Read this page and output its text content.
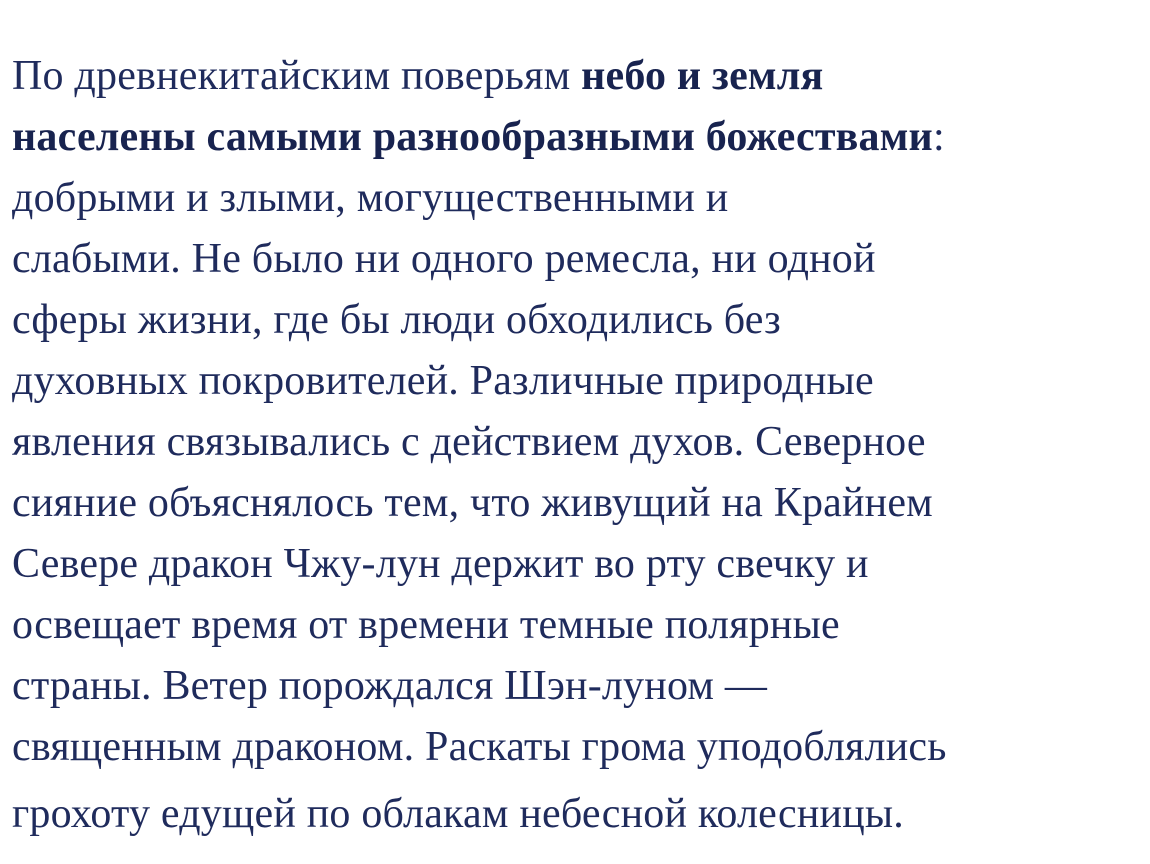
По древнекитайским поверьям небо и земля
населены самыми разнообразными божествами:
добрыми и злыми, могущественными и
слабыми. Не было ни одного ремесла, ни одной
сферы жизни, где бы люди обходились без
духовных покровителей. Различные природные
явления связывались с действием духов. Северное
сияние объяснялось тем, что живущий на Крайнем
Севере дракон Чжу-лун держит во рту свечку и
освещает время от времени темные полярные
страны. Ветер порождался Шэн-луном —
священным драконом. Раскаты грома уподоблялись
грохоту едущей по облакам небесной колесницы.
